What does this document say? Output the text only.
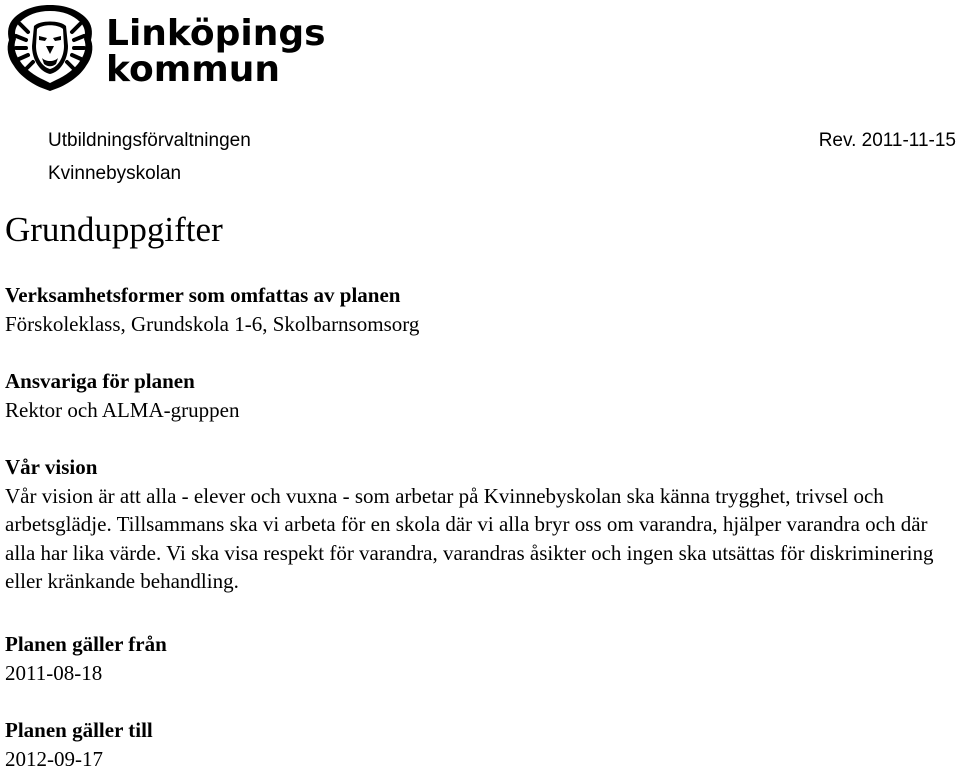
Linköpings
kommun
Utbildningsförvaltningen
Kvinnebyskolan
Rev. 2011-11-15
Grunduppgifter
Verksamhetsformer som omfattas av planen

Förskoleklass, Grundskola 1-6, Skolbarnsomsorg

Ansvariga för planen

Rektor och ALMA-gruppen

Vår vision

Vår vision är att alla - elever och vuxna - som arbetar på Kvinnebyskolan ska känna trygghet, trivsel och arbetsglädje. Tillsammans ska vi arbeta för en skola där vi alla bryr oss om varandra, hjälper varandra och där alla har lika värde. Vi ska visa respekt för varandra, varandras åsikter och ingen ska utsättas för diskriminering eller kränkande behandling.

Planen gäller från

2011-08-18

Planen gäller till

2012-09-17
